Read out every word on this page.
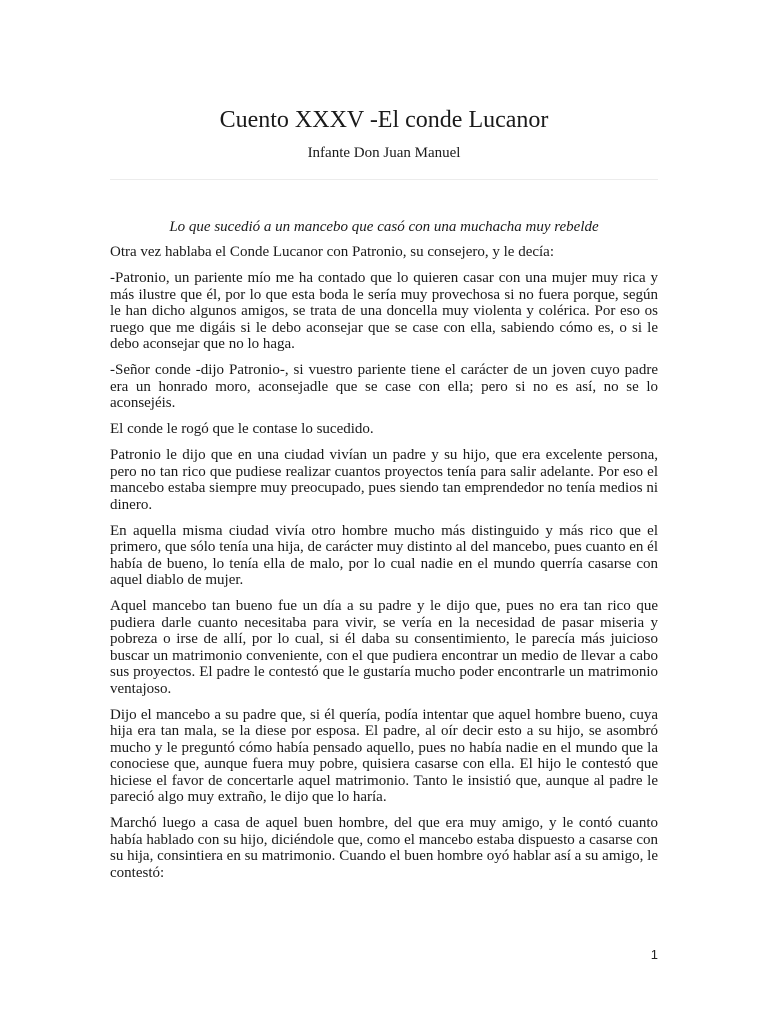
Cuento XXXV -El conde Lucanor
Infante Don Juan Manuel

Lo que sucedió a un mancebo que casó con una muchacha muy rebelde

Otra vez hablaba el Conde Lucanor con Patronio, su consejero, y le decía:

-Patronio, un pariente mío me ha contado que lo quieren casar con una mujer muy rica y más ilustre que él, por lo que esta boda le sería muy provechosa si no fuera porque, según le han dicho algunos amigos, se trata de una doncella muy violenta y colérica. Por eso os ruego que me digáis si le debo aconsejar que se case con ella, sabiendo cómo es, o si le debo aconsejar que no lo haga.

-Señor conde -dijo Patronio-, si vuestro pariente tiene el carácter de un joven cuyo padre era un honrado moro, aconsejadle que se case con ella; pero si no es así, no se lo aconsejéis.

El conde le rogó que le contase lo sucedido.

Patronio le dijo que en una ciudad vivían un padre y su hijo, que era excelente persona, pero no tan rico que pudiese realizar cuantos proyectos tenía para salir adelante. Por eso el mancebo estaba siempre muy preocupado, pues siendo tan emprendedor no tenía medios ni dinero.

En aquella misma ciudad vivía otro hombre mucho más distinguido y más rico que el primero, que sólo tenía una hija, de carácter muy distinto al del mancebo, pues cuanto en él había de bueno, lo tenía ella de malo, por lo cual nadie en el mundo querría casarse con aquel diablo de mujer.

Aquel mancebo tan bueno fue un día a su padre y le dijo que, pues no era tan rico que pudiera darle cuanto necesitaba para vivir, se vería en la necesidad de pasar miseria y pobreza o irse de allí, por lo cual, si él daba su consentimiento, le parecía más juicioso buscar un matrimonio conveniente, con el que pudiera encontrar un medio de llevar a cabo sus proyectos. El padre le contestó que le gustaría mucho poder encontrarle un matrimonio ventajoso.

Dijo el mancebo a su padre que, si él quería, podía intentar que aquel hombre bueno, cuya hija era tan mala, se la diese por esposa. El padre, al oír decir esto a su hijo, se asombró mucho y le preguntó cómo había pensado aquello, pues no había nadie en el mundo que la conociese que, aunque fuera muy pobre, quisiera casarse con ella. El hijo le contestó que hiciese el favor de concertarle aquel matrimonio. Tanto le insistió que, aunque al padre le pareció algo muy extraño, le dijo que lo haría.

Marchó luego a casa de aquel buen hombre, del que era muy amigo, y le contó cuanto había hablado con su hijo, diciéndole que, como el mancebo estaba dispuesto a casarse con su hija, consintiera en su matrimonio. Cuando el buen hombre oyó hablar así a su amigo, le contestó:

1
